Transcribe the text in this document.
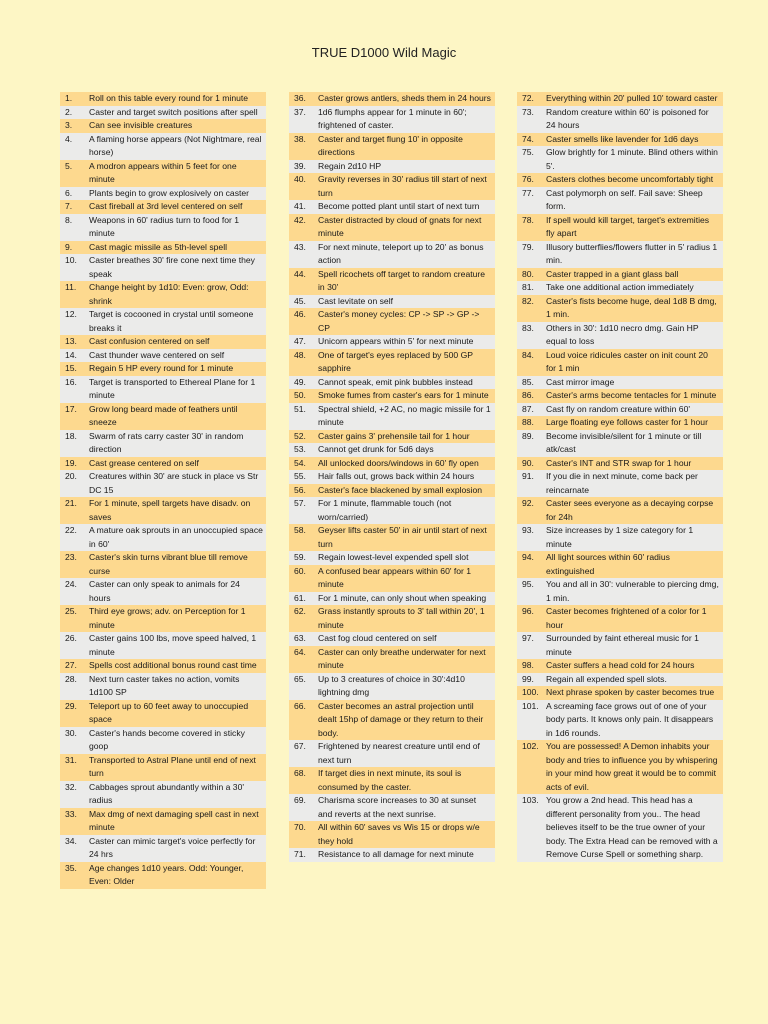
TRUE D1000 Wild Magic
1.	Roll on this table every round for 1 minute
2.	Caster and target switch positions after spell
3.	Can see invisible creatures
4.	A flaming horse appears (Not Nightmare, real horse)
5.	A modron appears within 5 feet for one minute
6.	Plants begin to grow explosively on caster
7.	Cast fireball at 3rd level centered on self
8.	Weapons in 60' radius turn to food for 1 minute
9.	Cast magic missile as 5th-level spell
10.	Caster breathes 30' fire cone next time they speak
11.	Change height by 1d10: Even: grow, Odd: shrink
12.	Target is cocooned in crystal until someone breaks it
13.	Cast confusion centered on self
14.	Cast thunder wave centered on self
15.	Regain 5 HP every round for 1 minute
16.	Target is transported to Ethereal Plane for 1 minute
17.	Grow long beard made of feathers until sneeze
18.	Swarm of rats carry caster 30' in random direction
19.	Cast grease centered on self
20.	Creatures within 30' are stuck in place vs Str DC 15
21.	For 1 minute, spell targets have disadv. on saves
22.	A mature oak sprouts in an unoccupied space in 60'
23.	Caster's skin turns vibrant blue till remove curse
24.	Caster can only speak to animals for 24 hours
25.	Third eye grows; adv. on Perception for 1 minute
26.	Caster gains 100 lbs, move speed halved, 1 minute
27.	Spells cost additional bonus round cast time
28.	Next turn caster takes no action, vomits 1d100 SP
29.	Teleport up to 60 feet away to unoccupied space
30.	Caster's hands become covered in sticky goop
31.	Transported to Astral Plane until end of next turn
32.	Cabbages sprout abundantly within a 30' radius
33.	Max dmg of next damaging spell cast in next minute
34.	Caster can mimic target's voice perfectly for 24 hrs
35.	Age changes 1d10 years. Odd: Younger, Even: Older
36.	Caster grows antlers, sheds them in 24 hours
37.	1d6 flumphs appear for 1 minute in 60'; frightened of caster.
38.	Caster and target flung 10' in opposite directions
39.	Regain 2d10 HP
40.	Gravity reverses in 30' radius till start of next turn
41.	Become potted plant until start of next turn
42.	Caster distracted by cloud of gnats for next minute
43.	For next minute, teleport up to 20' as bonus action
44.	Spell ricochets off target to random creature in 30'
45.	Cast levitate on self
46.	Caster's money cycles: CP -> SP -> GP -> CP
47.	Unicorn appears within 5' for next minute
48.	One of target's eyes replaced by 500 GP sapphire
49.	Cannot speak, emit pink bubbles instead
50.	Smoke fumes from caster's ears for 1 minute
51.	Spectral shield, +2 AC, no magic missile for 1 minute
52.	Caster gains 3' prehensile tail for 1 hour
53.	Cannot get drunk for 5d6 days
54.	All unlocked doors/windows in 60' fly open
55.	Hair falls out, grows back within 24 hours
56.	Caster's face blackened by small explosion
57.	For 1 minute, flammable touch (not worn/carried)
58.	Geyser lifts caster 50' in air until start of next turn
59.	Regain lowest-level expended spell slot
60.	A confused bear appears within 60' for 1 minute
61.	For 1 minute, can only shout when speaking
62.	Grass instantly sprouts to 3' tall within 20', 1 minute
63.	Cast fog cloud centered on self
64.	Caster can only breathe underwater for next minute
65.	Up to 3 creatures of choice in 30':4d10 lightning dmg
66.	Caster becomes an astral projection until dealt 15hp of damage or they return to their body.
67.	Frightened by nearest creature until end of next turn
68.	If target dies in next minute, its soul is consumed by the caster.
69.	Charisma score increases to 30 at sunset and reverts at the next sunrise.
70.	All within 60' saves vs Wis 15 or drops w/e they hold
71.	Resistance to all damage for next minute
72.	Everything within 20' pulled 10' toward caster
73.	Random creature within 60' is poisoned for 24 hours
74.	Caster smells like lavender for 1d6 days
75.	Glow brightly for 1 minute. Blind others within 5'.
76.	Casters clothes become uncomfortably tight
77.	Cast polymorph on self. Fail save: Sheep form.
78.	If spell would kill target, target's extremities fly apart
79.	Illusory butterflies/flowers flutter in 5' radius 1 min.
80.	Caster trapped in a giant glass ball
81.	Take one additional action immediately
82.	Caster's fists become huge, deal 1d8 B dmg, 1 min.
83.	Others in 30': 1d10 necro dmg. Gain HP equal to loss
84.	Loud voice ridicules caster on init count 20 for 1 min
85.	Cast mirror image
86.	Caster's arms become tentacles for 1 minute
87.	Cast fly on random creature within 60'
88.	Large floating eye follows caster for 1 hour
89.	Become invisible/silent for 1 minute or till atk/cast
90.	Caster's INT and STR swap for 1 hour
91.	If you die in next minute, come back per reincarnate
92.	Caster sees everyone as a decaying corpse for 24h
93.	Size increases by 1 size category for 1 minute
94.	All light sources within 60' radius extinguished
95.	You and all in 30': vulnerable to piercing dmg, 1 min.
96.	Caster becomes frightened of a color for 1 hour
97.	Surrounded by faint ethereal music for 1 minute
98.	Caster suffers a head cold for 24 hours
99.	Regain all expended spell slots.
100. Next phrase spoken by caster becomes true
101. A screaming face grows out of one of your body parts. It knows only pain. It disappears in 1d6 rounds.
102. You are possessed! A Demon inhabits your body and tries to influence you by whispering in your mind how great it would be to commit acts of evil.
103. You grow a 2nd head. This head has a different personality from you.. The head believes itself to be the true owner of your body. The Extra Head can be removed with a Remove Curse Spell or something sharp.
